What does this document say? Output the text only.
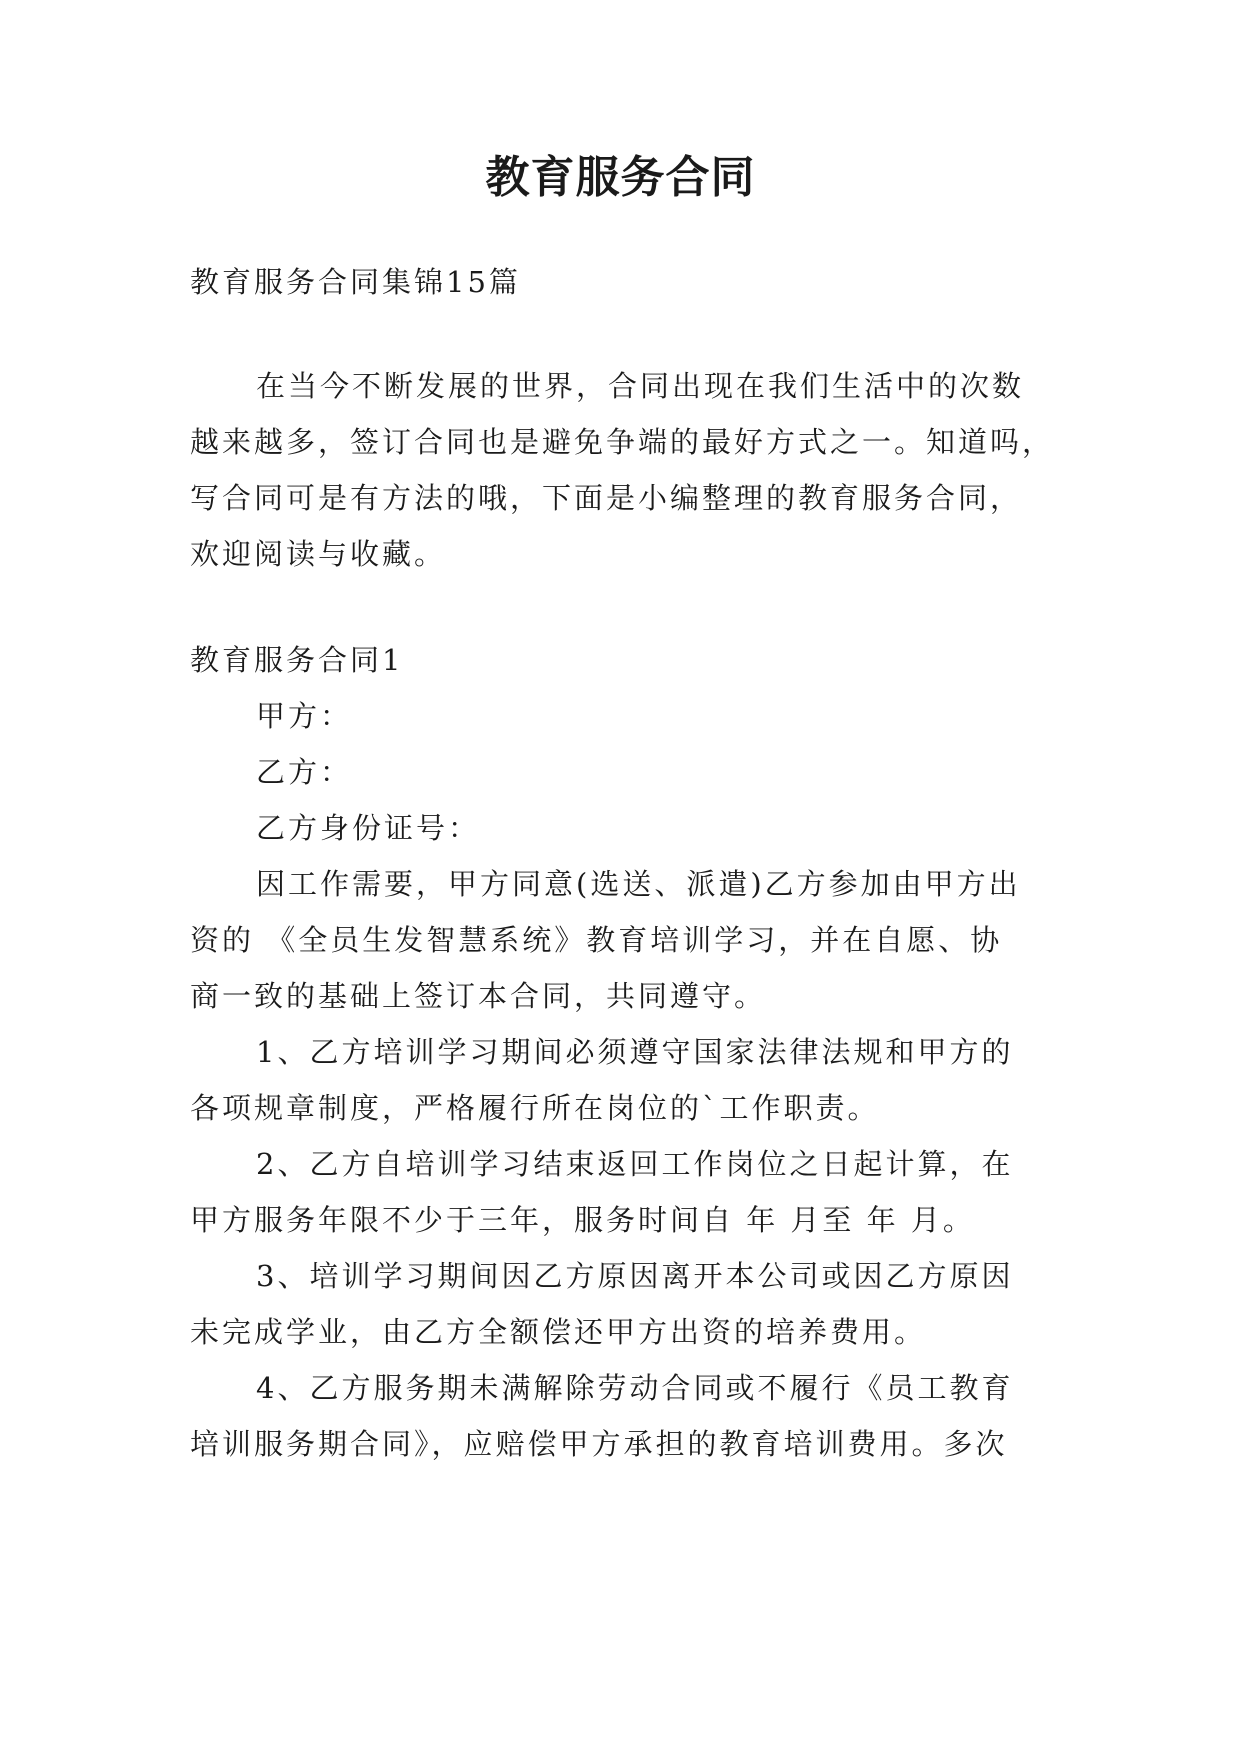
教育服务合同
教育服务合同集锦15篇
在当今不断发展的世界，合同出现在我们生活中的次数
越来越多，签订合同也是避免争端的最好方式之一。知道吗，
写合同可是有方法的哦，下面是小编整理的教育服务合同，
欢迎阅读与收藏。
教育服务合同1
甲方：
乙方：
乙方身份证号：
因工作需要，甲方同意(选送、派遣)乙方参加由甲方出
资的 《全员生发智慧系统》教育培训学习，并在自愿、协
商一致的基础上签订本合同，共同遵守。
1、乙方培训学习期间必须遵守国家法律法规和甲方的
各项规章制度，严格履行所在岗位的`工作职责。
2、乙方自培训学习结束返回工作岗位之日起计算，在
甲方服务年限不少于三年，服务时间自 年 月至 年 月。
3、培训学习期间因乙方原因离开本公司或因乙方原因
未完成学业，由乙方全额偿还甲方出资的培养费用。
4、乙方服务期未满解除劳动合同或不履行《员工教育
培训服务期合同》，应赔偿甲方承担的教育培训费用。多次
